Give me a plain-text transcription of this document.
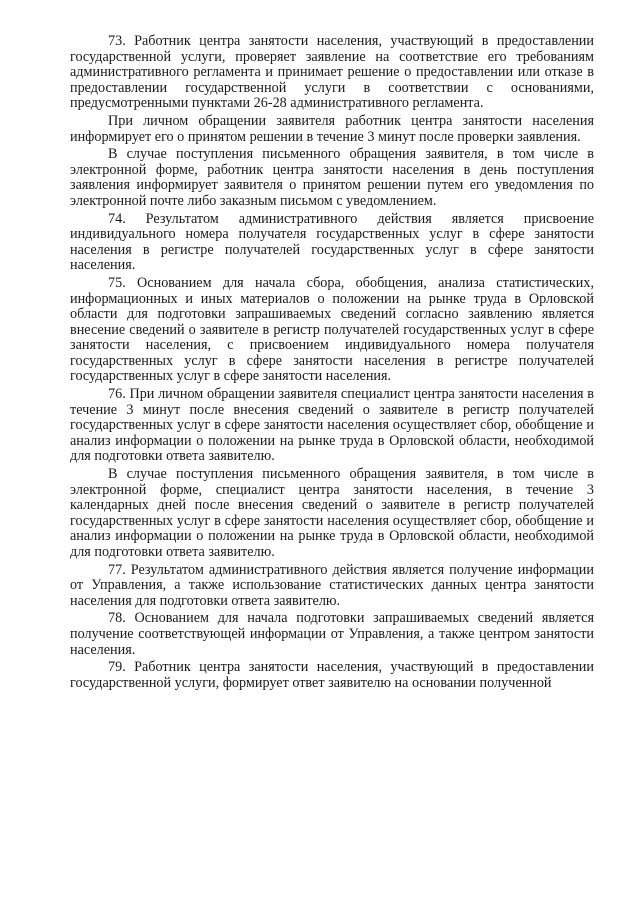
73. Работник центра занятости населения, участвующий в предоставлении государственной услуги, проверяет заявление на соответствие его требованиям административного регламента и принимает решение о предоставлении или отказе в предоставлении государственной услуги в соответствии с основаниями, предусмотренными пунктами 26-28 административного регламента.

При личном обращении заявителя работник центра занятости населения информирует его о принятом решении в течение 3 минут после проверки заявления.

В случае поступления письменного обращения заявителя, в том числе в электронной форме, работник центра занятости населения в день поступления заявления информирует заявителя о принятом решении путем его уведомления по электронной почте либо заказным письмом с уведомлением.

74. Результатом административного действия является присвоение индивидуального номера получателя государственных услуг в сфере занятости населения в регистре получателей государственных услуг в сфере занятости населения.

75. Основанием для начала сбора, обобщения, анализа статистических, информационных и иных материалов о положении на рынке труда в Орловской области для подготовки запрашиваемых сведений согласно заявлению является внесение сведений о заявителе в регистр получателей государственных услуг в сфере занятости населения, с присвоением индивидуального номера получателя государственных услуг в сфере занятости населения в регистре получателей государственных услуг в сфере занятости населения.

76. При личном обращении заявителя специалист центра занятости населения в течение 3 минут после внесения сведений о заявителе в регистр получателей государственных услуг в сфере занятости населения осуществляет сбор, обобщение и анализ информации о положении на рынке труда в Орловской области, необходимой для подготовки ответа заявителю.

В случае поступления письменного обращения заявителя, в том числе в электронной форме, специалист центра занятости населения, в течение 3 календарных дней после внесения сведений о заявителе в регистр получателей государственных услуг в сфере занятости населения осуществляет сбор, обобщение и анализ информации о положении на рынке труда в Орловской области, необходимой для подготовки ответа заявителю.

77. Результатом административного действия является получение информации от Управления, а также использование статистических данных центра занятости населения для подготовки ответа заявителю.

78. Основанием для начала подготовки запрашиваемых сведений является получение соответствующей информации от Управления, а также центром занятости населения.

79. Работник центра занятости населения, участвующий в предоставлении государственной услуги, формирует ответ заявителю на основании полученной
